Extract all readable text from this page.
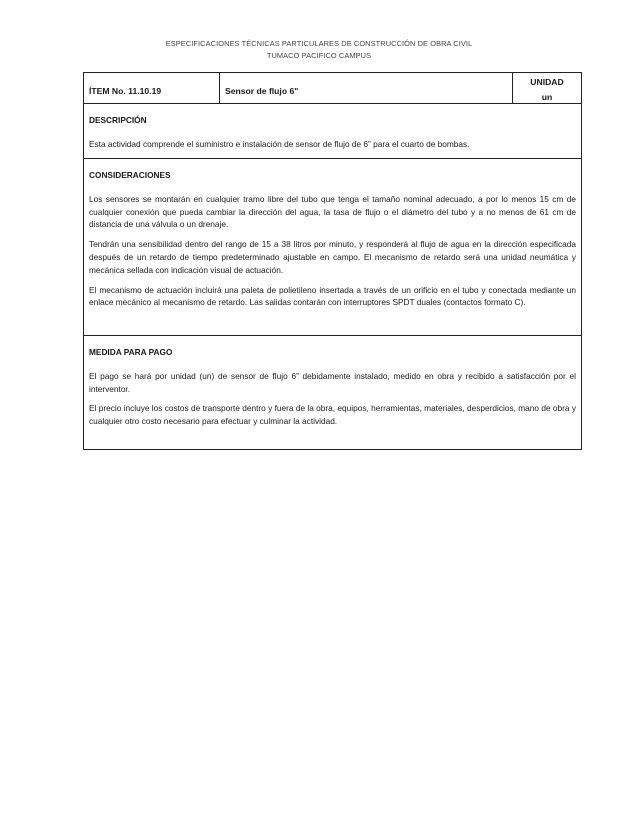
ESPECIFICACIONES TÉCNICAS PARTICULARES DE CONSTRUCCIÓN DE OBRA CIVIL
TUMACO PACIFICO CAMPUS
ÍTEM No. 11.10.19	Sensor de flujo 6"
UNIDAD
un
DESCRIPCIÓN

Esta actividad comprende el suministro e instalación de sensor de flujo de 6” para el cuarto de bombas.

CONSIDERACIONES

Los sensores se montarán en cualquier tramo libre del tubo que tenga el tamaño nominal adecuado, a por lo menos 15 cm de cualquier conexión que pueda cambiar la dirección del agua, la tasa de flujo o el diámetro del tubo y a no menos de 61 cm de distancia de una válvula o un drenaje.

Tendrán una sensibilidad dentro del rango de 15 a 38 litros por minuto, y responderá al flujo de agua en la dirección especificada después de un retardo de tiempo predeterminado ajustable en campo. El mecanismo de retardo será una unidad neumática y mecánica sellada con indicación visual de actuación.

El mecanismo de actuación incluirá una paleta de polietileno insertada a través de un orificio en el tubo y conectada mediante un enlace mecánico al mecanismo de retardo. Las salidas contarán con interruptores SPDT duales (contactos formato C).

MEDIDA PARA PAGO

El pago se hará por unidad (un) de sensor de flujo 6” debidamente instalado, medido en obra y recibido a satisfacción por el interventor.

El precio incluye los costos de transporte dentro y fuera de la obra, equipos, herramientas, materiales, desperdicios, mano de obra y cualquier otro costo necesario para efectuar y culminar la actividad.
